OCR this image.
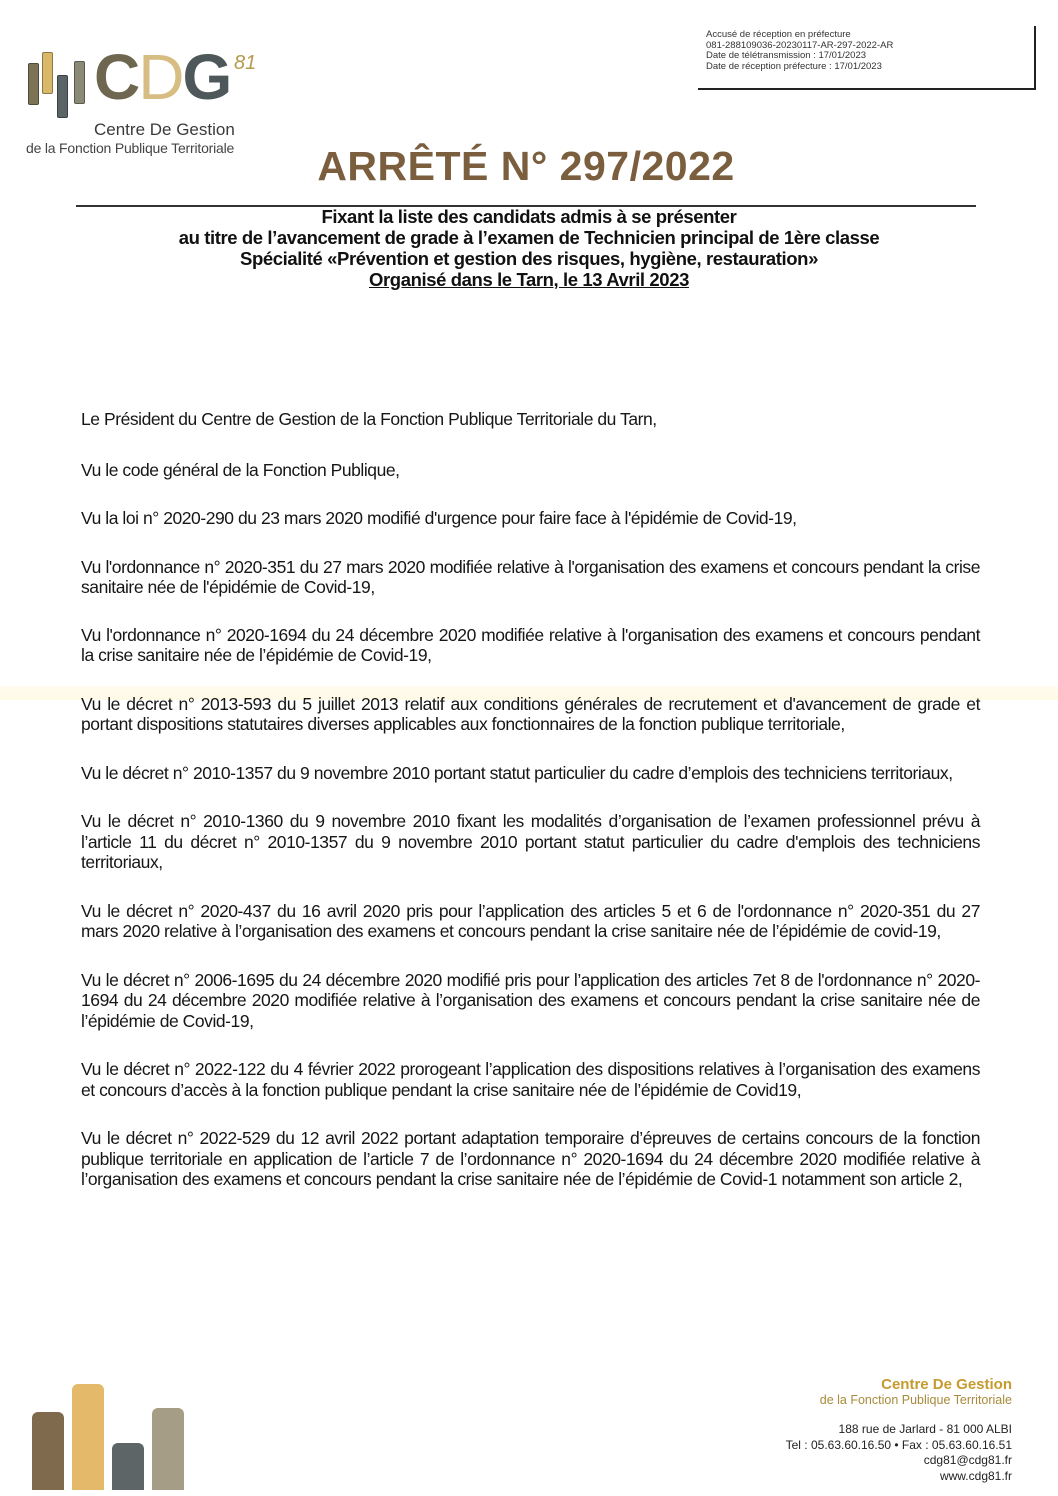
Accusé de réception en préfecture
081-288109036-20230117-AR-297-2022-AR
Date de télétransmission : 17/01/2023
Date de réception préfecture : 17/01/2023
CDG 81
Centre De Gestion
de la Fonction Publique Territoriale	ARRÊTÉ N° 297/2022
Fixant la liste des candidats admis à se présenter
au titre de l’avancement de grade à l’examen de Technicien principal de 1ère classe
Spécialité «Prévention et gestion des risques, hygiène, restauration»
Organisé dans le Tarn, le 13 Avril 2023

Le Président du Centre de Gestion de la Fonction Publique Territoriale du Tarn,

Vu le code général de la Fonction Publique,

Vu la loi n° 2020-290 du 23 mars 2020 modifié d'urgence pour faire face à l'épidémie de Covid-19,

Vu l'ordonnance n° 2020-351 du 27 mars 2020 modifiée relative à l'organisation des examens et concours pendant la crise sanitaire née de l'épidémie de Covid-19,

Vu l'ordonnance n° 2020-1694 du 24 décembre 2020 modifiée relative à l'organisation des examens et concours pendant la crise sanitaire née de l’épidémie de Covid-19,

Vu le décret n° 2013-593 du 5 juillet 2013 relatif aux conditions générales de recrutement et d'avancement de grade et portant dispositions statutaires diverses applicables aux fonctionnaires de la fonction publique territoriale,

Vu le décret n° 2010-1357 du 9 novembre 2010 portant statut particulier du cadre d’emplois des techniciens territoriaux,

Vu le décret n° 2010-1360 du 9 novembre 2010 fixant les modalités d’organisation de l’examen professionnel prévu à l’article 11 du décret n° 2010-1357 du 9 novembre 2010 portant statut particulier du cadre d'emplois des techniciens territoriaux,

Vu le décret n° 2020-437 du 16 avril 2020 pris pour l’application des articles 5 et 6 de l'ordonnance n° 2020-351 du 27 mars 2020 relative à l’organisation des examens et concours pendant la crise sanitaire née de l’épidémie de covid-19,

Vu le décret n° 2006-1695 du 24 décembre 2020 modifié pris pour l’application des articles 7et 8 de l'ordonnance n° 2020-1694 du 24 décembre 2020 modifiée relative à l’organisation des examens et concours pendant la crise sanitaire née de l’épidémie de Covid-19,

Vu le décret n° 2022-122 du 4 février 2022 prorogeant l’application des dispositions relatives à l’organisation des examens et concours d’accès à la fonction publique pendant la crise sanitaire née de l’épidémie de Covid19,

Vu le décret n° 2022-529 du 12 avril 2022 portant adaptation temporaire d’épreuves de certains concours de la fonction publique territoriale en application de l’article 7 de l’ordonnance n° 2020-1694 du 24 décembre 2020 modifiée relative à l’organisation des examens et concours pendant la crise sanitaire née de l’épidémie de Covid-1 notamment son article 2,

Centre De Gestion
de la Fonction Publique Territoriale
188 rue de Jarlard - 81 000 ALBI
Tel : 05.63.60.16.50 • Fax : 05.63.60.16.51
cdg81@cdg81.fr
www.cdg81.fr
